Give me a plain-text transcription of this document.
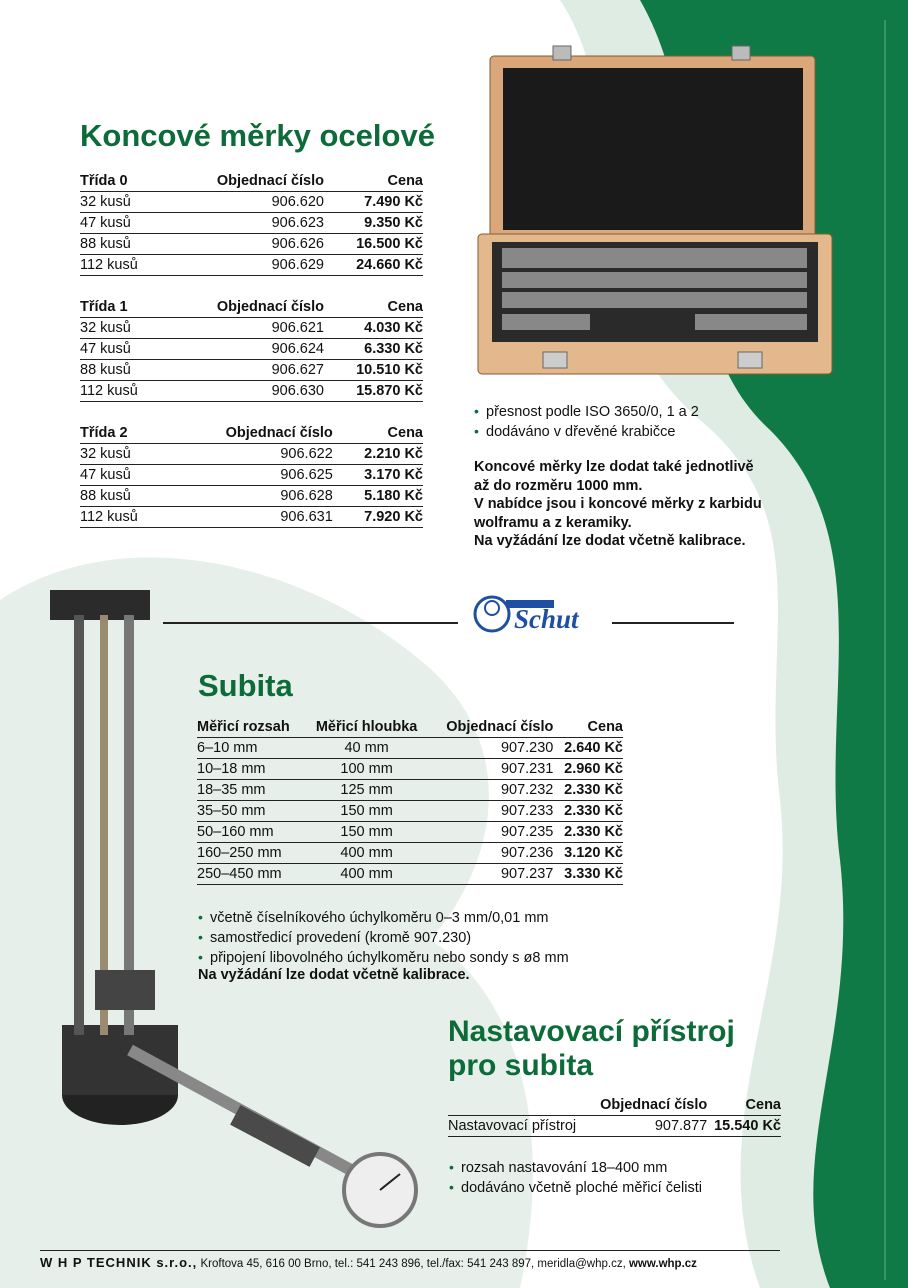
Koncové měrky ocelové
Třída 0	Objednací číslo	Cena
32 kusů	906.620	7.490 Kč
47 kusů	906.623	9.350 Kč
88 kusů	906.626	16.500 Kč
112 kusů	906.629	24.660 Kč
Třída 1	Objednací číslo	Cena
32 kusů	906.621	4.030 Kč
47 kusů	906.624	6.330 Kč
88 kusů	906.627	10.510 Kč
112 kusů	906.630	15.870 Kč
Třída 2	Objednací číslo	Cena
32 kusů	906.622	2.210 Kč
47 kusů	906.625	3.170 Kč
88 kusů	906.628	5.180 Kč
112 kusů	906.631	7.920 Kč
• přesnost podle ISO 3650/0, 1 a 2
• dodáváno v dřevěné krabičce
Koncové měrky lze dodat také jednotlivě
až do rozměru 1000 mm.
V nabídce jsou i koncové měrky z karbidu
wolframu a z keramiky.
Na vyžádání lze dodat včetně kalibrace.
Schut
Subita
Měřicí rozsah	Měřicí hloubka	Objednací číslo	Cena
6–10 mm	40 mm	907.230	2.640 Kč
10–18 mm	100 mm	907.231	2.960 Kč
18–35 mm	125 mm	907.232	2.330 Kč
35–50 mm	150 mm	907.233	2.330 Kč
50–160 mm	150 mm	907.235	2.330 Kč
160–250 mm	400 mm	907.236	3.120 Kč
250–450 mm	400 mm	907.237	3.330 Kč
• včetně číselníkového úchylkoměru 0–3 mm/0,01 mm
• samostředicí provedení (kromě 907.230)
• připojení libovolného úchylkoměru nebo sondy s ø8 mm
Na vyžádání lze dodat včetně kalibrace.
Nastavovací přístroj
pro subita
	Objednací číslo	Cena
Nastavovací přístroj	907.877	15.540 Kč
• rozsah nastavování 18–400 mm
• dodáváno včetně ploché měřicí čelisti
W H P TECHNIK s.r.o., Kroftova 45, 616 00 Brno, tel.: 541 243 896, tel./fax: 541 243 897, meridla@whp.cz, www.whp.cz
